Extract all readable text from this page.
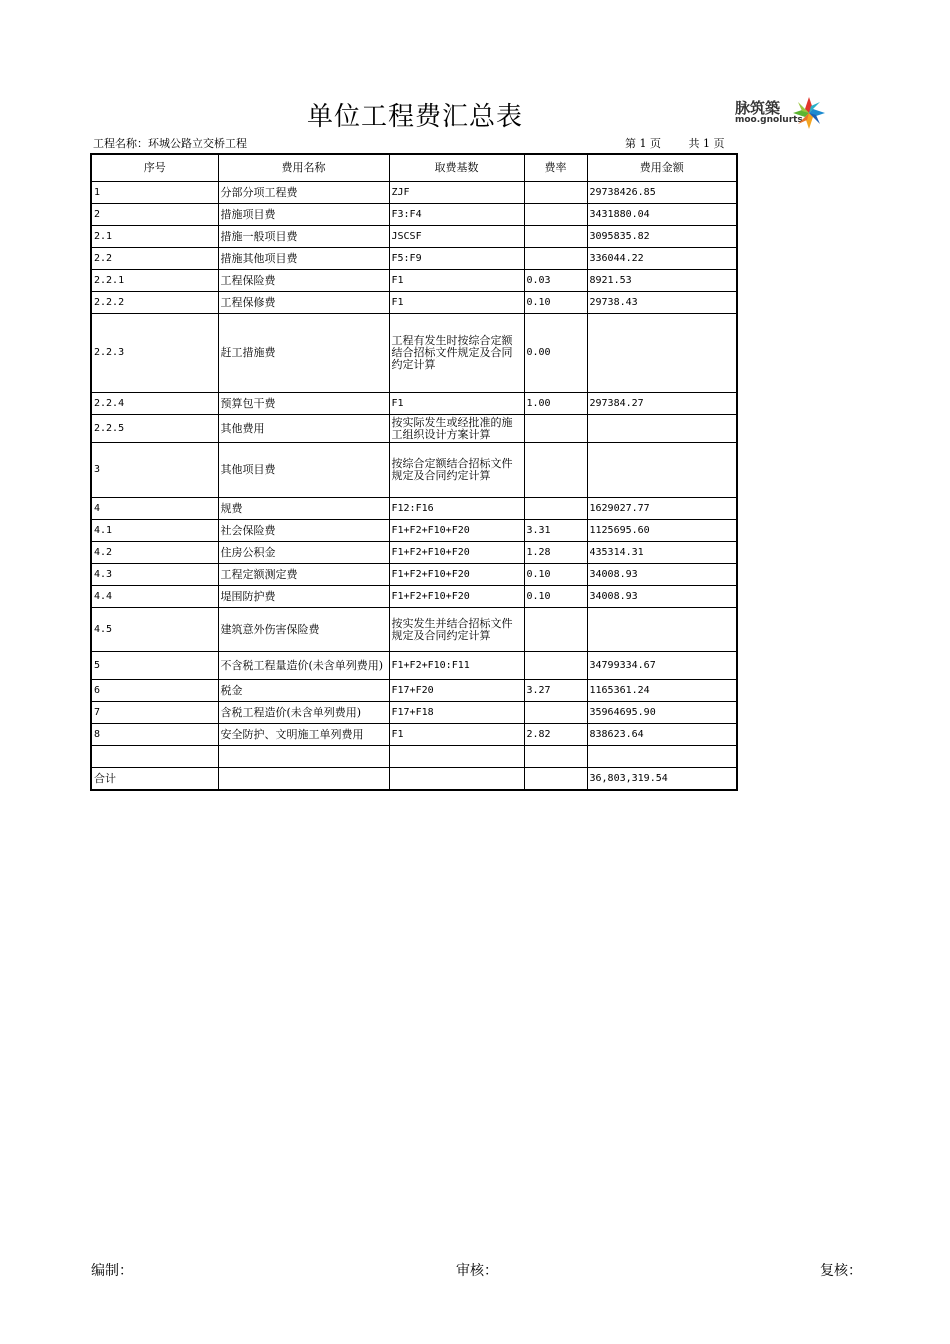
单位工程费汇总表	脉筑築
moo.gnolurts
工程名称：环城公路立交桥工程	第 1 页	共 1 页
序号	费用名称	取费基数	费率	费用金额
1	分部分项工程费	ZJF		29738426.85
2	措施项目费	F3:F4		3431880.04
2.1	措施一般项目费	JSCSF		3095835.82
2.2	措施其他项目费	F5:F9		336044.22
2.2.1	工程保险费	F1	0.03	8921.53
2.2.2	工程保修费	F1	0.10	29738.43
2.2.3	赶工措施费	工程有发生时按综合定额结合招标文件规定及合同约定计算	0.00	
2.2.4	预算包干费	F1	1.00	297384.27
2.2.5	其他费用	按实际发生或经批准的施工组织设计方案计算		
3	其他项目费	按综合定额结合招标文件规定及合同约定计算		
4	规费	F12:F16		1629027.77
4.1	社会保险费	F1+F2+F10+F20	3.31	1125695.60
4.2	住房公积金	F1+F2+F10+F20	1.28	435314.31
4.3	工程定额测定费	F1+F2+F10+F20	0.10	34008.93
4.4	堤围防护费	F1+F2+F10+F20	0.10	34008.93
4.5	建筑意外伤害保险费	按实发生并结合招标文件规定及合同约定计算		
5	不含税工程量造价(未含单列费用)	F1+F2+F10:F11		34799334.67
6	税金	F17+F20	3.27	1165361.24
7	含税工程造价(未含单列费用)	F17+F18		35964695.90
8	安全防护、文明施工单列费用	F1	2.82	838623.64

合计				36,803,319.54
编制：	审核：	复核：
